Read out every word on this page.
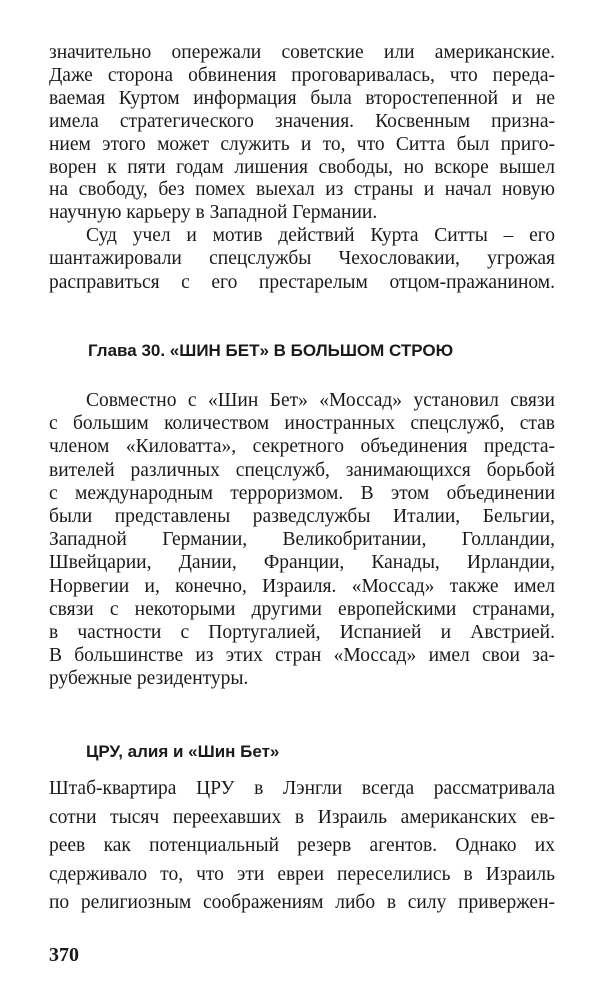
значительно опережали советские или американские.
Даже сторона обвинения проговаривалась, что переда-
ваемая Куртом информация была второстепенной и не
имела стратегического значения. Косвенным призна-
нием этого может служить и то, что Ситта был приго-
ворен к пяти годам лишения свободы, но вскоре вышел
на свободу, без помех выехал из страны и начал новую
научную карьеру в Западной Германии.
Суд учел и мотив действий Курта Ситты – его
шантажировали спецслужбы Чехословакии, угрожая
расправиться с его престарелым отцом-пражанином.
Глава 30. «ШИН БЕТ» В БОЛЬШОМ СТРОЮ
Совместно с «Шин Бет» «Моссад» установил связи
с большим количеством иностранных спецслужб, став
членом «Киловатта», секретного объединения предста-
вителей различных спецслужб, занимающихся борьбой
с международным терроризмом. В этом объединении
были представлены разведслужбы Италии, Бельгии,
Западной Германии, Великобритании, Голландии,
Швейцарии, Дании, Франции, Канады, Ирландии,
Норвегии и, конечно, Израиля. «Моссад» также имел
связи с некоторыми другими европейскими странами,
в частности с Португалией, Испанией и Австрией.
В большинстве из этих стран «Моссад» имел свои за-
рубежные резидентуры.
ЦРУ, алия и «Шин Бет»
Штаб-квартира ЦРУ в Лэнгли всегда рассматривала
сотни тысяч переехавших в Израиль американских ев-
реев как потенциальный резерв агентов. Однако их
сдерживало то, что эти евреи переселились в Израиль
по религиозным соображениям либо в силу привержен-
370
